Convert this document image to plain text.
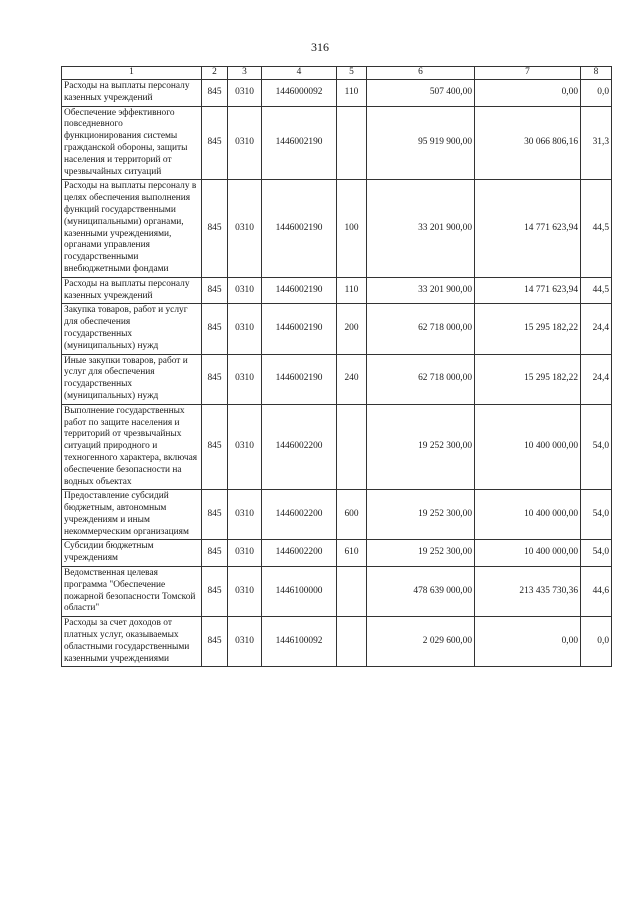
316
1	2	3	4	5	6	7	8
Расходы на выплаты персоналу казенных учреждений	845	0310	1446000092	110	507 400,00	0,00	0,0
Обеспечение эффективного повседневного функционирования системы гражданской обороны, защиты населения и территорий от чрезвычайных ситуаций	845	0310	1446002190		95 919 900,00	30 066 806,16	31,3
Расходы на выплаты персоналу в целях обеспечения выполнения функций государственными (муниципальными) органами, казенными учреждениями, органами управления государственными внебюджетными фондами	845	0310	1446002190	100	33 201 900,00	14 771 623,94	44,5
Расходы на выплаты персоналу казенных учреждений	845	0310	1446002190	110	33 201 900,00	14 771 623,94	44,5
Закупка товаров, работ и услуг для обеспечения государственных (муниципальных) нужд	845	0310	1446002190	200	62 718 000,00	15 295 182,22	24,4
Иные закупки товаров, работ и услуг для обеспечения государственных (муниципальных) нужд	845	0310	1446002190	240	62 718 000,00	15 295 182,22	24,4
Выполнение государственных работ по защите населения и территорий от чрезвычайных ситуаций природного и техногенного характера, включая обеспечение безопасности на водных объектах	845	0310	1446002200		19 252 300,00	10 400 000,00	54,0
Предоставление субсидий бюджетным, автономным учреждениям и иным некоммерческим организациям	845	0310	1446002200	600	19 252 300,00	10 400 000,00	54,0
Субсидии бюджетным учреждениям	845	0310	1446002200	610	19 252 300,00	10 400 000,00	54,0
Ведомственная целевая программа "Обеспечение пожарной безопасности Томской области"	845	0310	1446100000		478 639 000,00	213 435 730,36	44,6
Расходы за счет доходов от платных услуг, оказываемых областными государственными казенными учреждениями	845	0310	1446100092		2 029 600,00	0,00	0,0
